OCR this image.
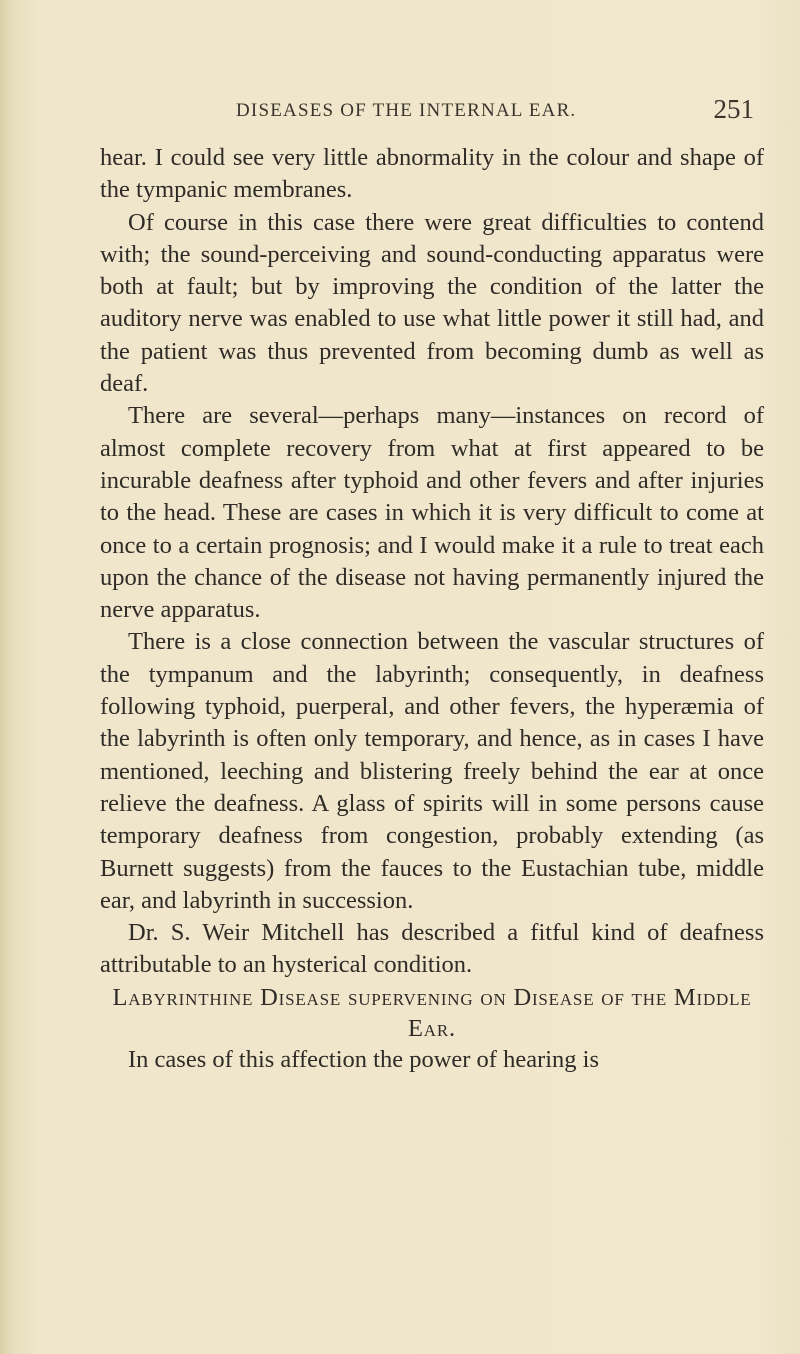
DISEASES OF THE INTERNAL EAR.	251

hear. I could see very little abnormality in the colour and shape of the tympanic membranes.

Of course in this case there were great difficulties to contend with; the sound-perceiving and sound-conducting apparatus were both at fault; but by improving the condition of the latter the auditory nerve was enabled to use what little power it still had, and the patient was thus prevented from becoming dumb as well as deaf.

There are several—perhaps many—instances on record of almost complete recovery from what at first appeared to be incurable deafness after typhoid and other fevers and after injuries to the head. These are cases in which it is very difficult to come at once to a certain prognosis; and I would make it a rule to treat each upon the chance of the disease not having permanently injured the nerve apparatus.

There is a close connection between the vascular structures of the tympanum and the labyrinth; consequently, in deafness following typhoid, puerperal, and other fevers, the hyperæmia of the labyrinth is often only temporary, and hence, as in cases I have mentioned, leeching and blistering freely behind the ear at once relieve the deafness. A glass of spirits will in some persons cause temporary deafness from congestion, probably extending (as Burnett suggests) from the fauces to the Eustachian tube, middle ear, and labyrinth in succession.

Dr. S. Weir Mitchell has described a fitful kind of deafness attributable to an hysterical condition.

Labyrinthine Disease supervening on Disease of the Middle Ear.

In cases of this affection the power of hearing is
